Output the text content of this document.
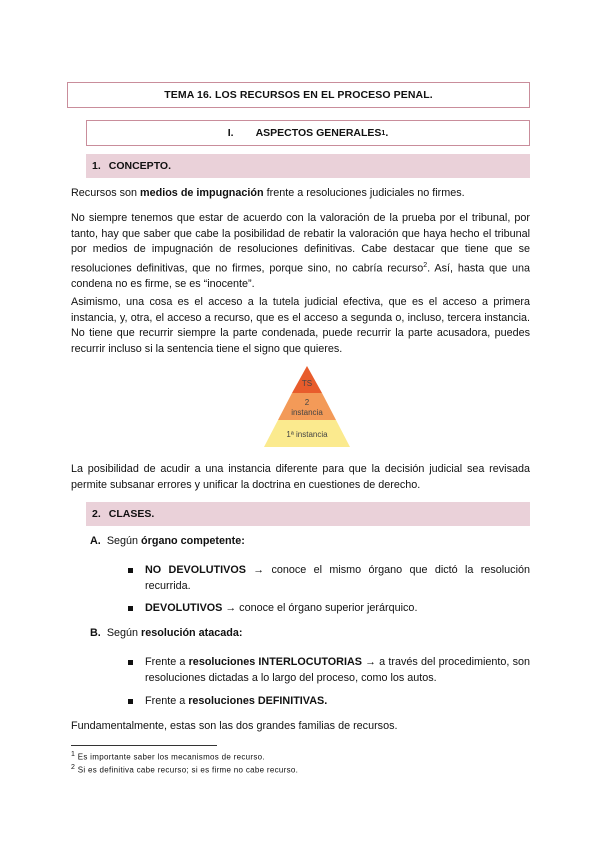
TEMA 16. LOS RECURSOS EN EL PROCESO PENAL.
I. ASPECTOS GENERALES 1 .
1. CONCEPTO.

Recursos son medios de impugnación frente a resoluciones judiciales no firmes.

No siempre tenemos que estar de acuerdo con la valoración de la prueba por el tribunal, por tanto, hay que saber que cabe la posibilidad de rebatir la valoración que haya hecho el tribunal por medios de impugnación de resoluciones definitivas. Cabe destacar que tiene que se resoluciones definitivas, que no firmes, porque sino, no cabría recurso$^2$. Así, hasta que una condena no es firme, se es “inocente”.

Asimismo, una cosa es el acceso a la tutela judicial efectiva, que es el acceso a primera instancia, y, otra, el acceso a recurso, que es el acceso a segunda o, incluso, tercera instancia. No tiene que recurrir siempre la parte condenada, puede recurrir la parte acusadora, puedes recurrir incluso si la sentencia tiene el signo que quieres.

TS
2
instancia
1ª instancia

La posibilidad de acudir a una instancia diferente para que la decisión judicial sea revisada permite subsanar errores y unificar la doctrina en cuestiones de derecho.

2. CLASES.

A. Según órgano competente:

NO DEVOLUTIVOS → conoce el mismo órgano que dictó la resolución recurrida.

DEVOLUTIVOS → conoce el órgano superior jerárquico.

B. Según resolución atacada:

Frente a resoluciones INTERLOCUTORIAS → a través del procedimiento, son resoluciones dictadas a lo largo del proceso, como los autos.

Frente a resoluciones DEFINITIVAS.

Fundamentalmente, estas son las dos grandes familias de recursos.

$^1$ Es importante saber los mecanismos de recurso.
$^2$ Si es definitiva cabe recurso; si es firme no cabe recurso.
